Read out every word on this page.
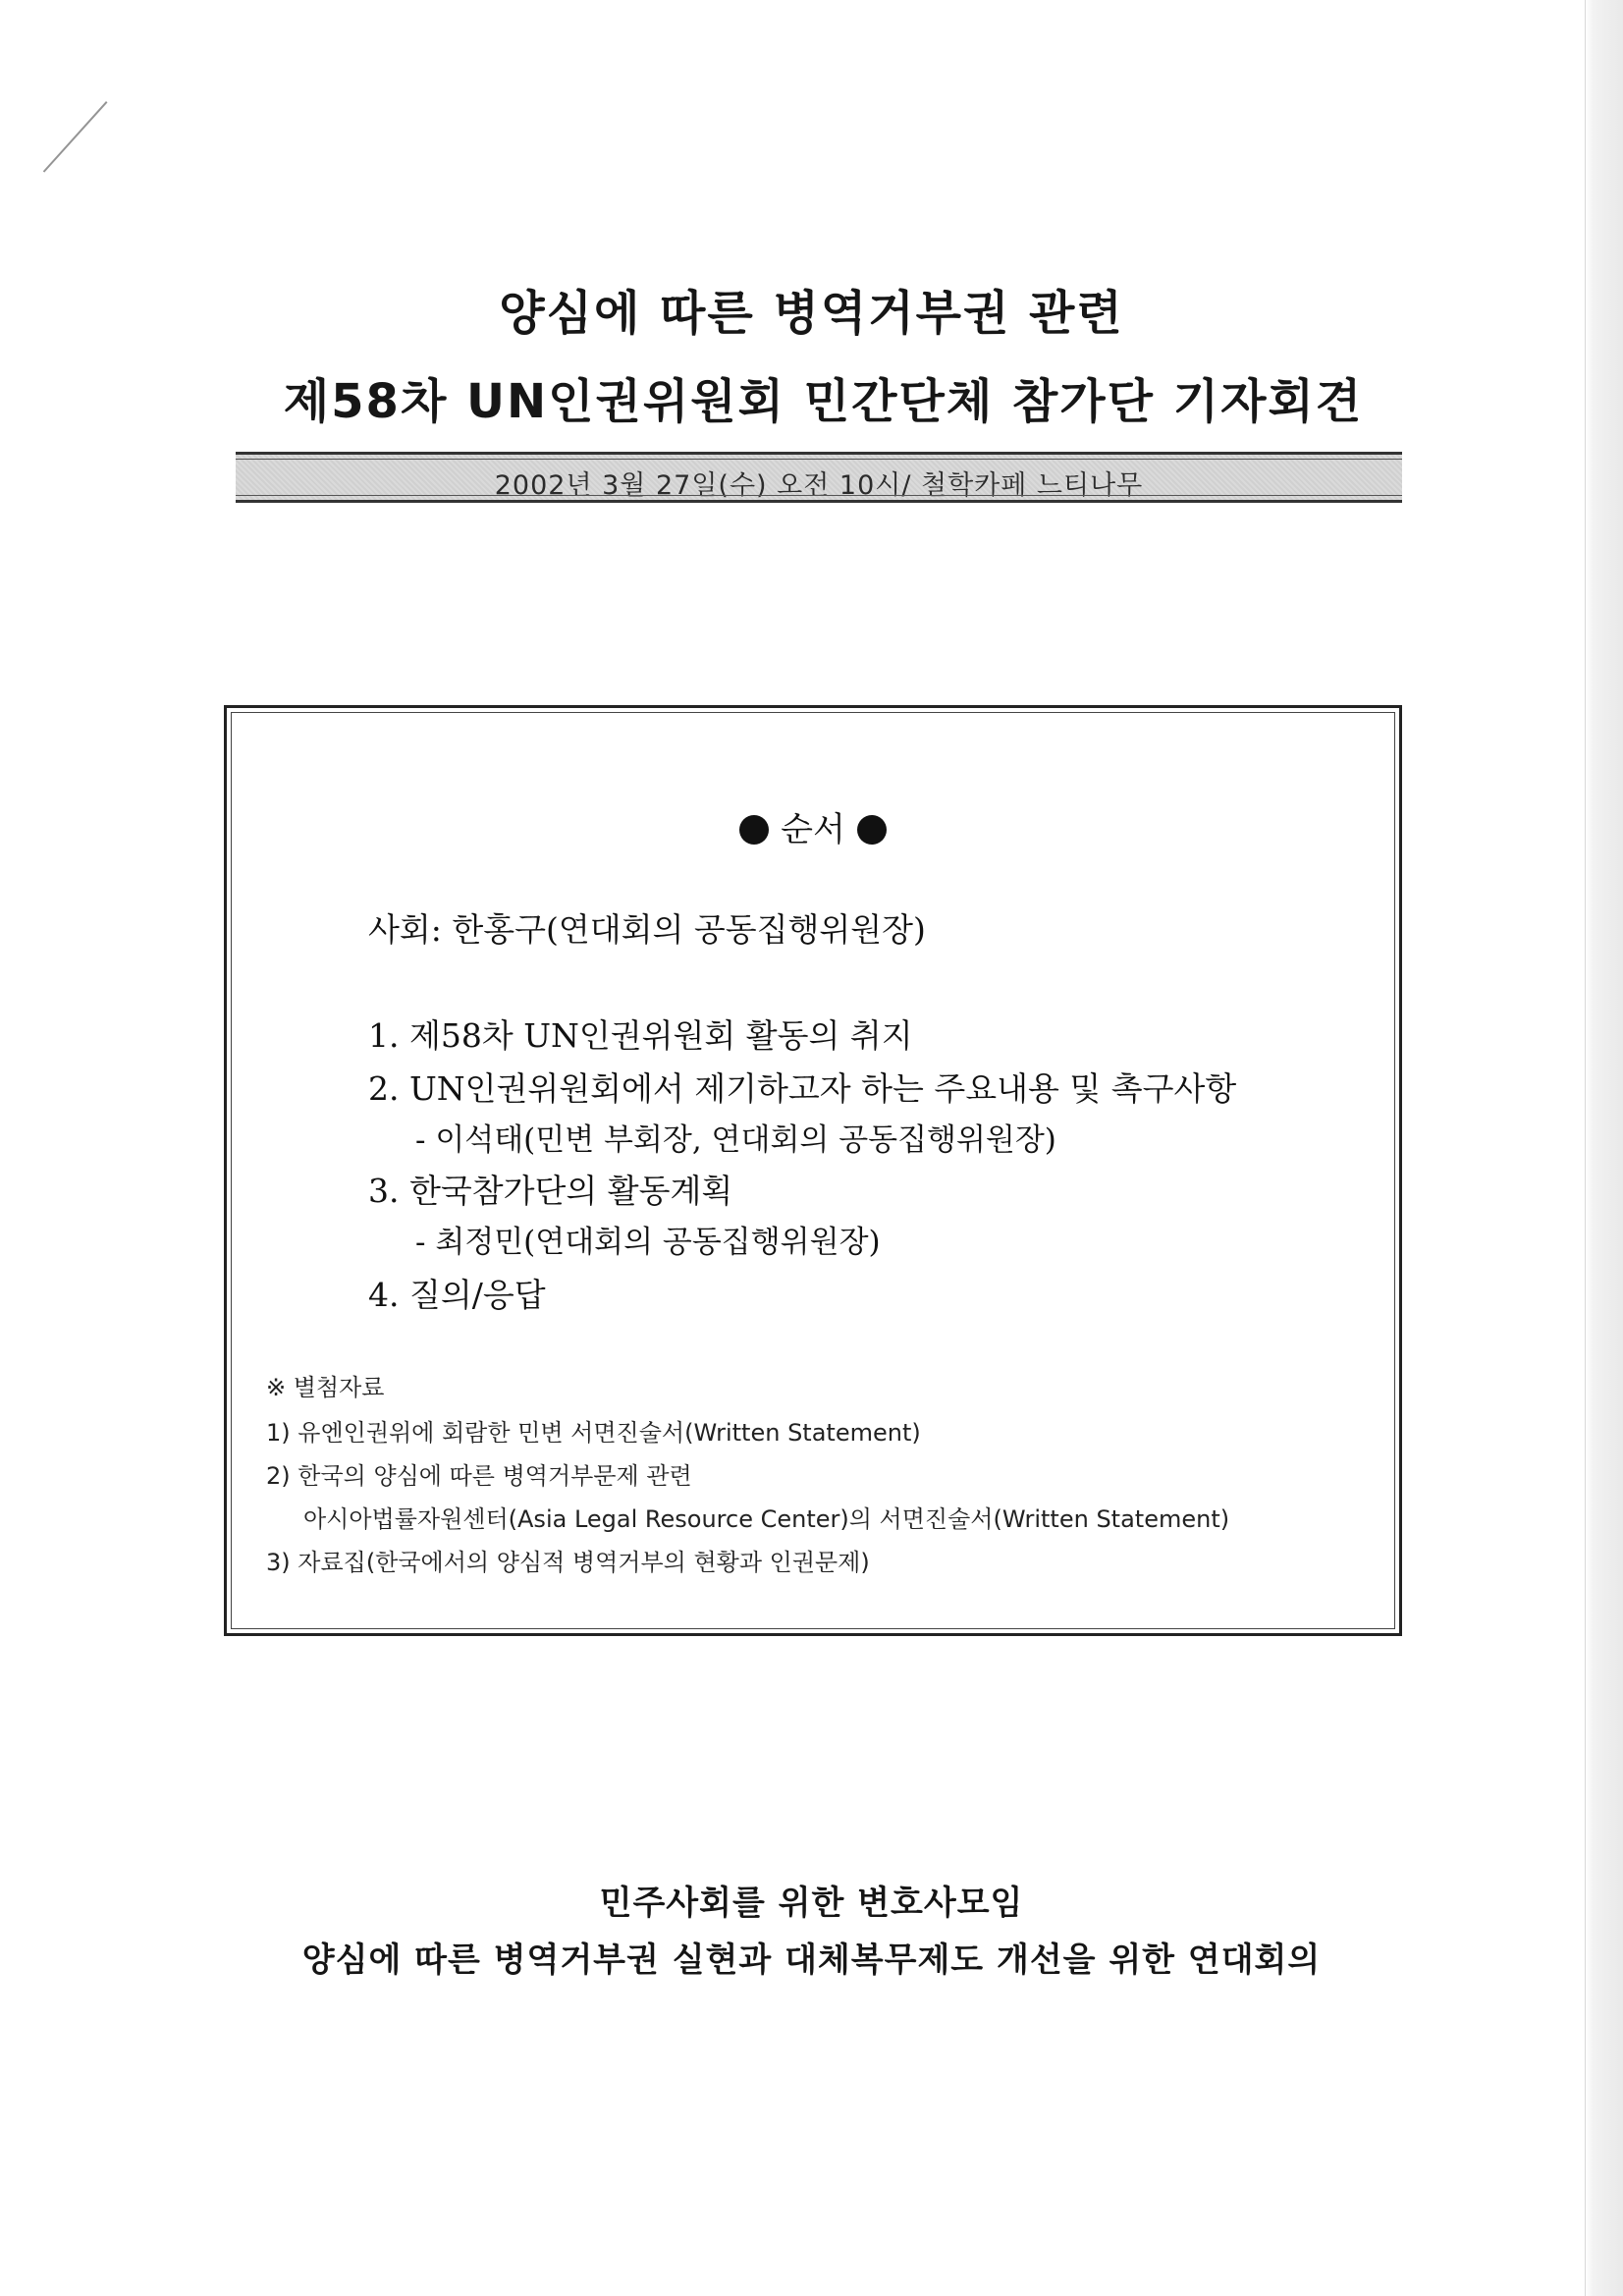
양심에 따른 병역거부권 관련
제58차 UN인권위원회 민간단체 참가단 기자회견
2002년 3월 27일(수) 오전 10시/ 철학카페 느티나무
순서
사회: 한홍구(연대회의 공동집행위원장)
1. 제58차 UN인권위원회 활동의 취지
2. UN인권위원회에서 제기하고자 하는 주요내용 및 촉구사항
- 이석태(민변 부회장, 연대회의 공동집행위원장)
3. 한국참가단의 활동계획
- 최정민(연대회의 공동집행위원장)
4. 질의/응답
※ 별첨자료
1) 유엔인권위에 회람한 민변 서면진술서(Written Statement)
2) 한국의 양심에 따른 병역거부문제 관련
아시아법률자원센터(Asia Legal Resource Center)의 서면진술서(Written Statement)
3) 자료집(한국에서의 양심적 병역거부의 현황과 인권문제)
민주사회를 위한 변호사모임
양심에 따른 병역거부권 실현과 대체복무제도 개선을 위한 연대회의
